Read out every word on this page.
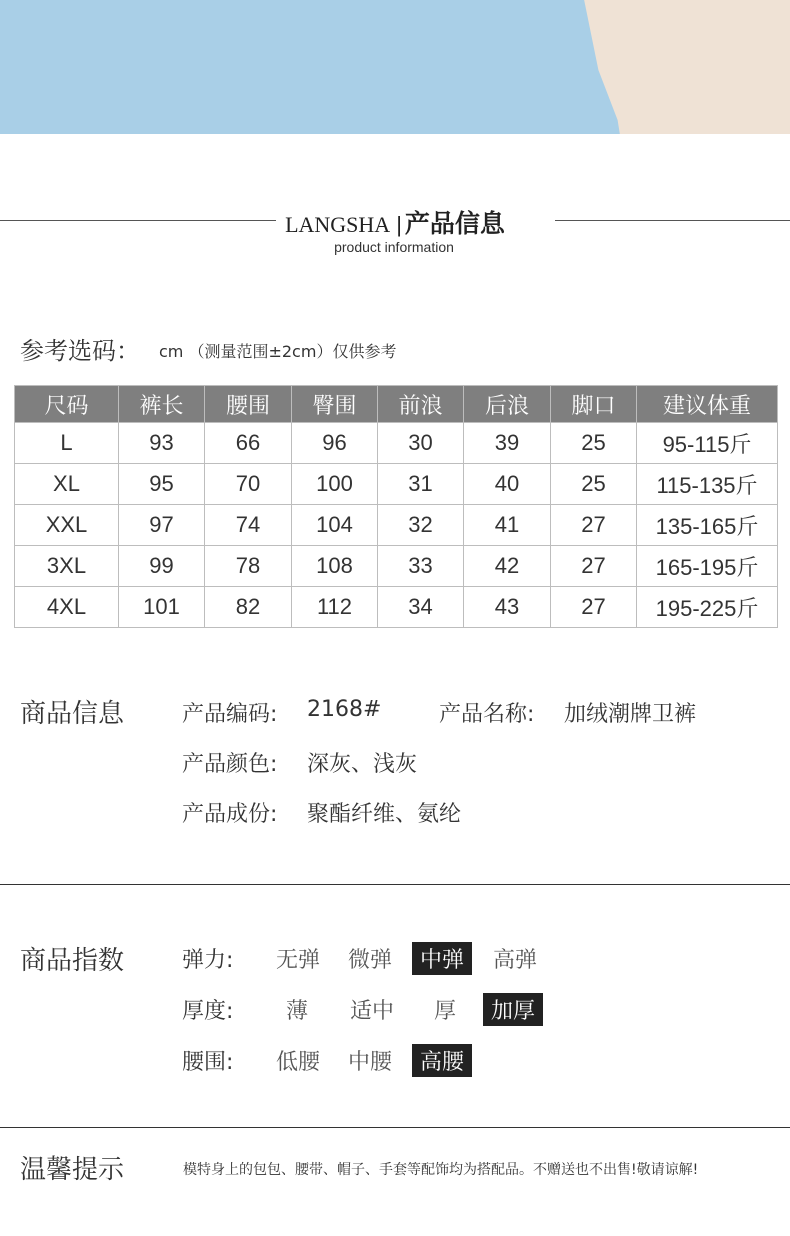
LANGSHA | 产品信息
product information
参考选码： cm （测量范围±2cm）仅供参考
尺码	裤长	腰围	臀围	前浪	后浪	脚口	建议体重
L	93	66	96	30	39	25	95-115斤
XL	95	70	100	31	40	25	115-135斤
XXL	97	74	104	32	41	27	135-165斤
3XL	99	78	108	33	42	27	165-195斤
4XL	101	82	112	34	43	27	195-225斤
商品信息	产品编码: 2168#	产品名称: 加绒潮牌卫裤
产品颜色: 深灰、浅灰
产品成份: 聚酯纤维、氨纶
商品指数	弹力: 无弹 微弹	中弹	高弹
厚度: 薄 适中 厚	加厚
腰围: 低腰 中腰	高腰
温馨提示	模特身上的包包、腰带、帽子、手套等配饰均为搭配品。不赠送也不出售!敬请谅解!
